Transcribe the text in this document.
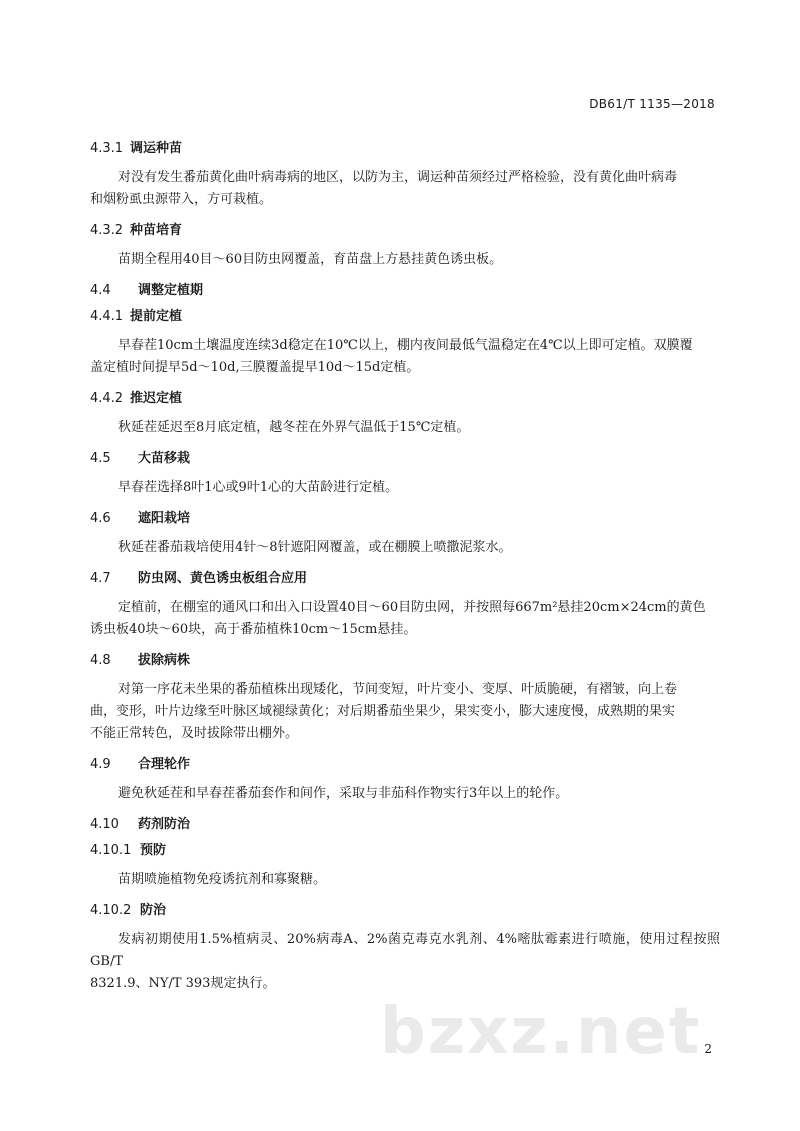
DB61/T 1135—2018
4.3.1 调运种苗
对没有发生番茄黄化曲叶病毒病的地区，以防为主，调运种苗须经过严格检验，没有黄化曲叶病毒
和烟粉虱虫源带入，方可栽植。
4.3.2 种苗培育
苗期全程用40目～60目防虫网覆盖，育苗盘上方悬挂黄色诱虫板。
4.4	调整定植期
4.4.1 提前定植
早春茬10cm土壤温度连续3d稳定在10℃以上，棚内夜间最低气温稳定在4℃以上即可定植。双膜覆
盖定植时间提早5d～10d,三膜覆盖提早10d～15d定植。
4.4.2 推迟定植
秋延茬延迟至8月底定植，越冬茬在外界气温低于15℃定植。
4.5	大苗移栽
早春茬选择8叶1心或9叶1心的大苗龄进行定植。
4.6	遮阳栽培
秋延茬番茄栽培使用4针～8针遮阳网覆盖，或在棚膜上喷撒泥浆水。
4.7	防虫网、黄色诱虫板组合应用
定植前，在棚室的通风口和出入口设置40目～60目防虫网，并按照每667m²悬挂20cm×24cm的黄色
诱虫板40块～60块，高于番茄植株10cm～15cm悬挂。
4.8	拔除病株
对第一序花未坐果的番茄植株出现矮化，节间变短，叶片变小、变厚、叶质脆硬，有褶皱，向上卷
曲，变形，叶片边缘至叶脉区域褪绿黄化；对后期番茄坐果少，果实变小，膨大速度慢，成熟期的果实
不能正常转色，及时拔除带出棚外。
4.9	合理轮作
避免秋延茬和早春茬番茄套作和间作，采取与非茄科作物实行3年以上的轮作。
4.10	药剂防治
4.10.1 预防
苗期喷施植物免疫诱抗剂和寡聚糖。
4.10.2 防治
发病初期使用1.5%植病灵、20%病毒A、2%菌克毒克水乳剂、4%嘧肽霉素进行喷施，使用过程按照GB/T
8321.9、NY/T 393规定执行。
bzxz.net 2
